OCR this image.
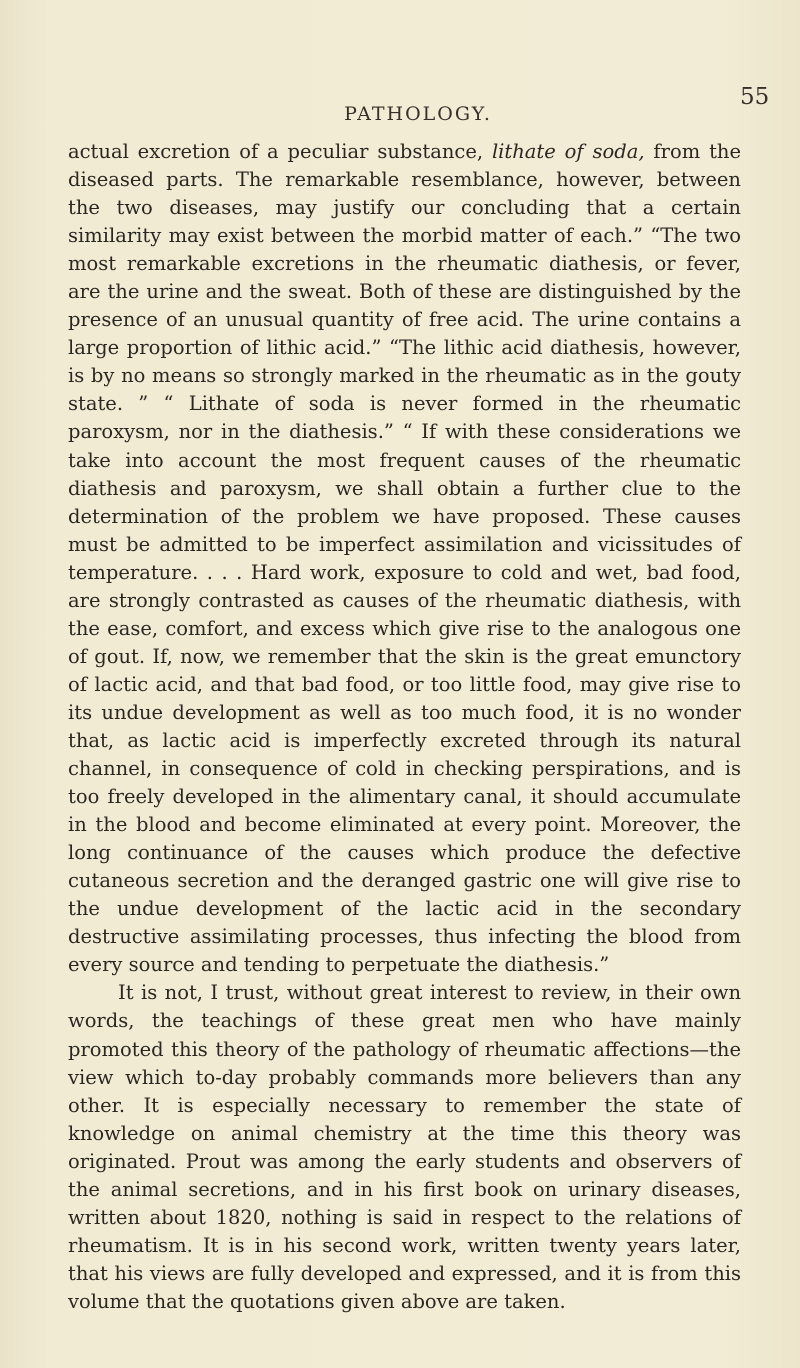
PATHOLOGY.
55

actual excretion of a peculiar substance, lithate of soda, from the diseased parts. The remarkable resemblance, however, between the two diseases, may justify our concluding that a certain similarity may exist between the morbid matter of each.” “The two most remarkable excretions in the rheumatic diathesis, or fever, are the urine and the sweat. Both of these are distinguished by the presence of an unusual quantity of free acid. The urine contains a large proportion of lithic acid.” “The lithic acid diathesis, however, is by no means so strongly marked in the rheumatic as in the gouty state. ” “ Lithate of soda is never formed in the rheumatic paroxysm, nor in the diathesis.” “ If with these considerations we take into account the most frequent causes of the rheumatic diathesis and paroxysm, we shall obtain a further clue to the determination of the problem we have proposed. These causes must be admitted to be imperfect assimilation and vicissitudes of temperature. . . . Hard work, exposure to cold and wet, bad food, are strongly contrasted as causes of the rheumatic diathesis, with the ease, comfort, and excess which give rise to the analogous one of gout. If, now, we remember that the skin is the great emunctory of lactic acid, and that bad food, or too little food, may give rise to its undue development as well as too much food, it is no wonder that, as lactic acid is imperfectly excreted through its natural channel, in consequence of cold in checking perspirations, and is too freely developed in the alimentary canal, it should accumulate in the blood and become eliminated at every point. Moreover, the long continuance of the causes which produce the defective cutaneous secretion and the deranged gastric one will give rise to the undue development of the lactic acid in the secondary destructive assimilating processes, thus infecting the blood from every source and tending to perpetuate the diathesis.”

It is not, I trust, without great interest to review, in their own words, the teachings of these great men who have mainly promoted this theory of the pathology of rheumatic affections—the view which to-day probably commands more believers than any other. It is especially necessary to remember the state of knowledge on animal chemistry at the time this theory was originated. Prout was among the early students and observers of the animal secretions, and in his first book on urinary diseases, written about 1820, nothing is said in respect to the relations of rheumatism. It is in his second work, written twenty years later, that his views are fully developed and expressed, and it is from this volume that the quotations given above are taken.
